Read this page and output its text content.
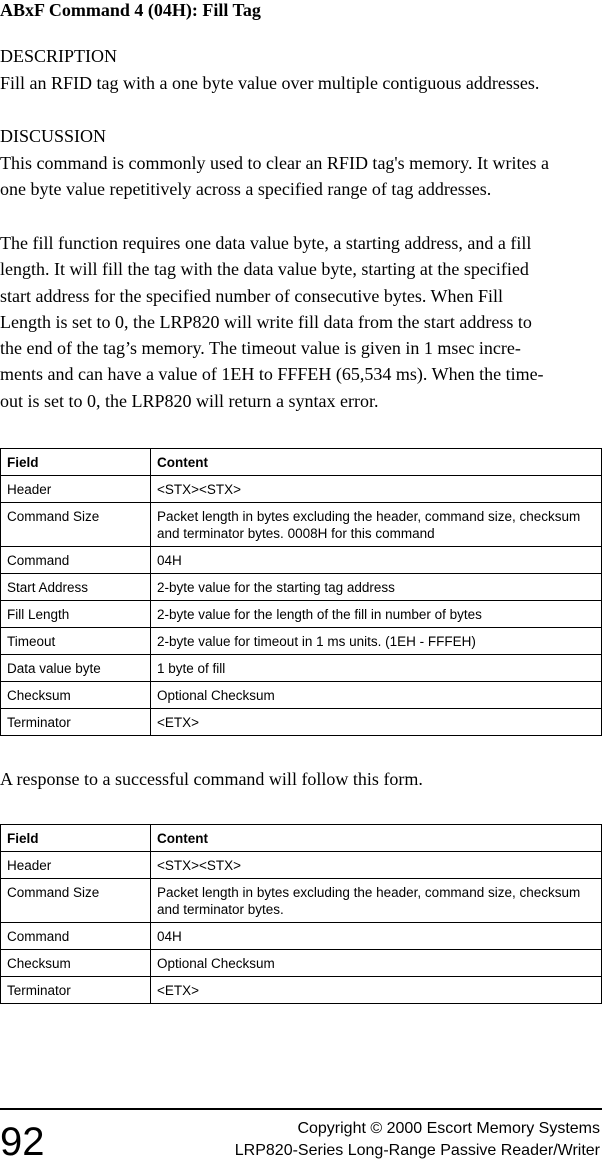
ABxF Command 4 (04H): Fill Tag
DESCRIPTION
Fill an RFID tag with a one byte value over multiple contiguous addresses.
DISCUSSION
This command is commonly used to clear an RFID tag's memory. It writes a
one byte value repetitively across a specified range of tag addresses.
The fill function requires one data value byte, a starting address, and a fill
length. It will fill the tag with the data value byte, starting at the specified
start address for the specified number of consecutive bytes. When Fill
Length is set to 0, the LRP820 will write fill data from the start address to
the end of the tag’s memory. The timeout value is given in 1 msec incre-
ments and can have a value of 1EH to FFFEH (65,534 ms). When the time-
out is set to 0, the LRP820 will return a syntax error.
Field	Content
Header	<STX><STX>
Command Size	Packet length in bytes excluding the header, command size, checksum and terminator bytes. 0008H for this command
Command	04H
Start Address	2-byte value for the starting tag address
Fill Length	2-byte value for the length of the fill in number of bytes
Timeout	2-byte value for timeout in 1 ms units. (1EH - FFFEH)
Data value byte	1 byte of fill
Checksum	Optional Checksum
Terminator	<ETX>
A response to a successful command will follow this form.
Field	Content
Header	<STX><STX>
Command Size	Packet length in bytes excluding the header, command size, checksum and terminator bytes.
Command	04H
Checksum	Optional Checksum
Terminator	<ETX>
92	Copyright © 2000 Escort Memory Systems
LRP820-Series Long-Range Passive Reader/Writer
